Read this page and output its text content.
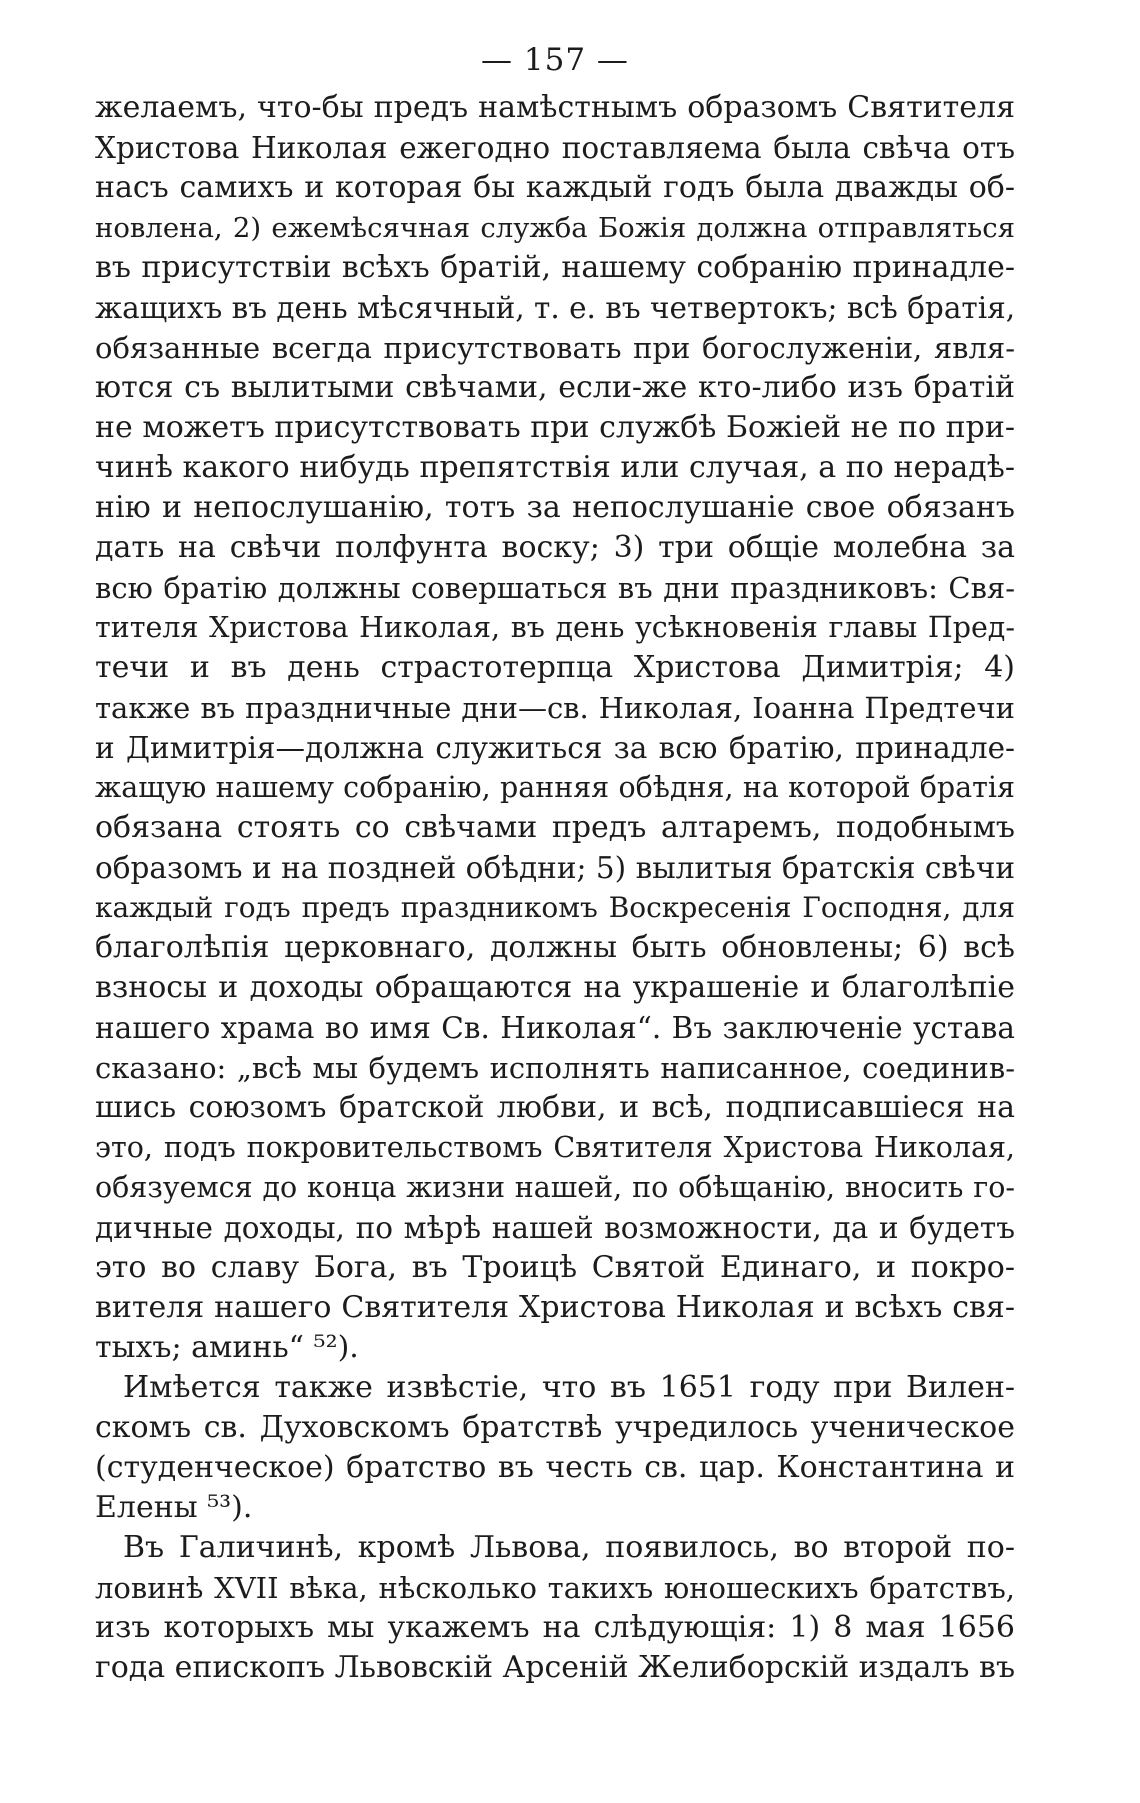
— 157 —
желаемъ, что-бы предъ намѣстнымъ образомъ Святителя
Христова Николая ежегодно поставляема была свѣча отъ
насъ самихъ и которая бы каждый годъ была дважды об-
новлена, 2) ежемѣсячная служба Божія должна отправляться
въ присутствіи всѣхъ братій, нашему собранію принадле-
жащихъ въ день мѣсячный, т. е. въ четвертокъ; всѣ братія,
обязанные всегда присутствовать при богослуженіи, явля-
ются съ вылитыми свѣчами, если-же кто-либо изъ братій
не можетъ присутствовать при службѣ Божіей не по при-
чинѣ какого нибудь препятствія или случая, а по нерадѣ-
нію и непослушанію, тотъ за непослушаніе свое обязанъ
дать на свѣчи полфунта воску; 3) три общіе молебна за
всю братію должны совершаться въ дни праздниковъ: Свя-
тителя Христова Николая, въ день усѣкновенія главы Пред-
течи и въ день страстотерпца Христова Димитрія; 4)
также въ праздничные дни—св. Николая, Іоанна Предтечи
и Димитрія—должна служиться за всю братію, принадле-
жащую нашему собранію, ранняя обѣдня, на которой братія
обязана стоять со свѣчами предъ алтаремъ, подобнымъ
образомъ и на поздней обѣдни; 5) вылитыя братскія свѣчи
каждый годъ предъ праздникомъ Воскресенія Господня, для
благолѣпія церковнаго, должны быть обновлены; 6) всѣ
взносы и доходы обращаются на украшеніе и благолѣпіе
нашего храма во имя Св. Николая“. Въ заключеніе устава
сказано: „всѣ мы будемъ исполнять написанное, соединив-
шись союзомъ братской любви, и всѣ, подписавшіеся на
это, подъ покровительствомъ Святителя Христова Николая,
обязуемся до конца жизни нашей, по обѣщанію, вносить го-
дичные доходы, по мѣрѣ нашей возможности, да и будетъ
это во славу Бога, въ Троицѣ Святой Единаго, и покро-
вителя нашего Святителя Христова Николая и всѣхъ свя-
тыхъ; аминь“ ⁵²).
Имѣется также извѣстіе, что въ 1651 году при Вилен-
скомъ св. Духовскомъ братствѣ учредилось ученическое
(студенческое) братство въ честь св. цар. Константина и
Елены ⁵³).
Въ Галичинѣ, кромѣ Львова, появилось, во второй по-
ловинѣ XVII вѣка, нѣсколько такихъ юношескихъ братствъ,
изъ которыхъ мы укажемъ на слѣдующія: 1) 8 мая 1656
года епископъ Львовскій Арсеній Желиборскій издалъ въ
